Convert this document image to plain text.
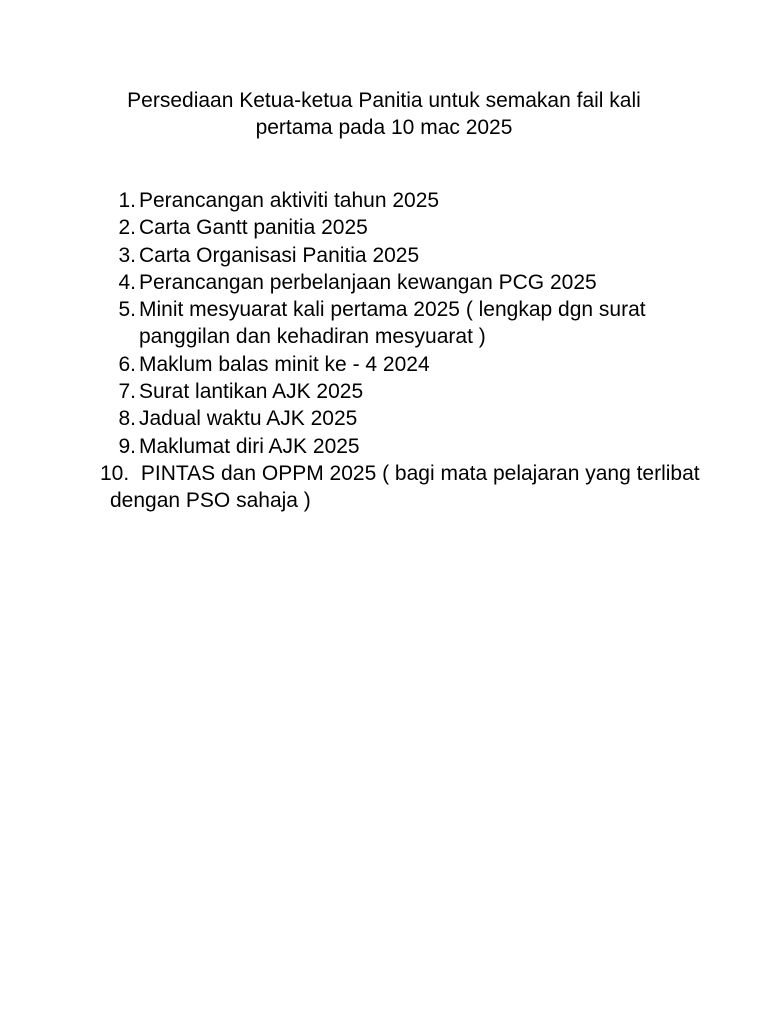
Persediaan Ketua-ketua Panitia untuk semakan fail kali
pertama pada 10 mac 2025
1. Perancangan aktiviti tahun 2025
2. Carta Gantt panitia 2025
3. Carta Organisasi Panitia 2025
4. Perancangan perbelanjaan kewangan PCG 2025
5. Minit mesyuarat kali pertama 2025 ( lengkap dgn surat panggilan dan kehadiran mesyuarat )
6. Maklum balas minit ke - 4 2024
7. Surat lantikan AJK 2025
8. Jadual waktu AJK 2025
9. Maklumat diri AJK 2025
10. PINTAS dan OPPM 2025 ( bagi mata pelajaran yang terlibat dengan PSO sahaja )
